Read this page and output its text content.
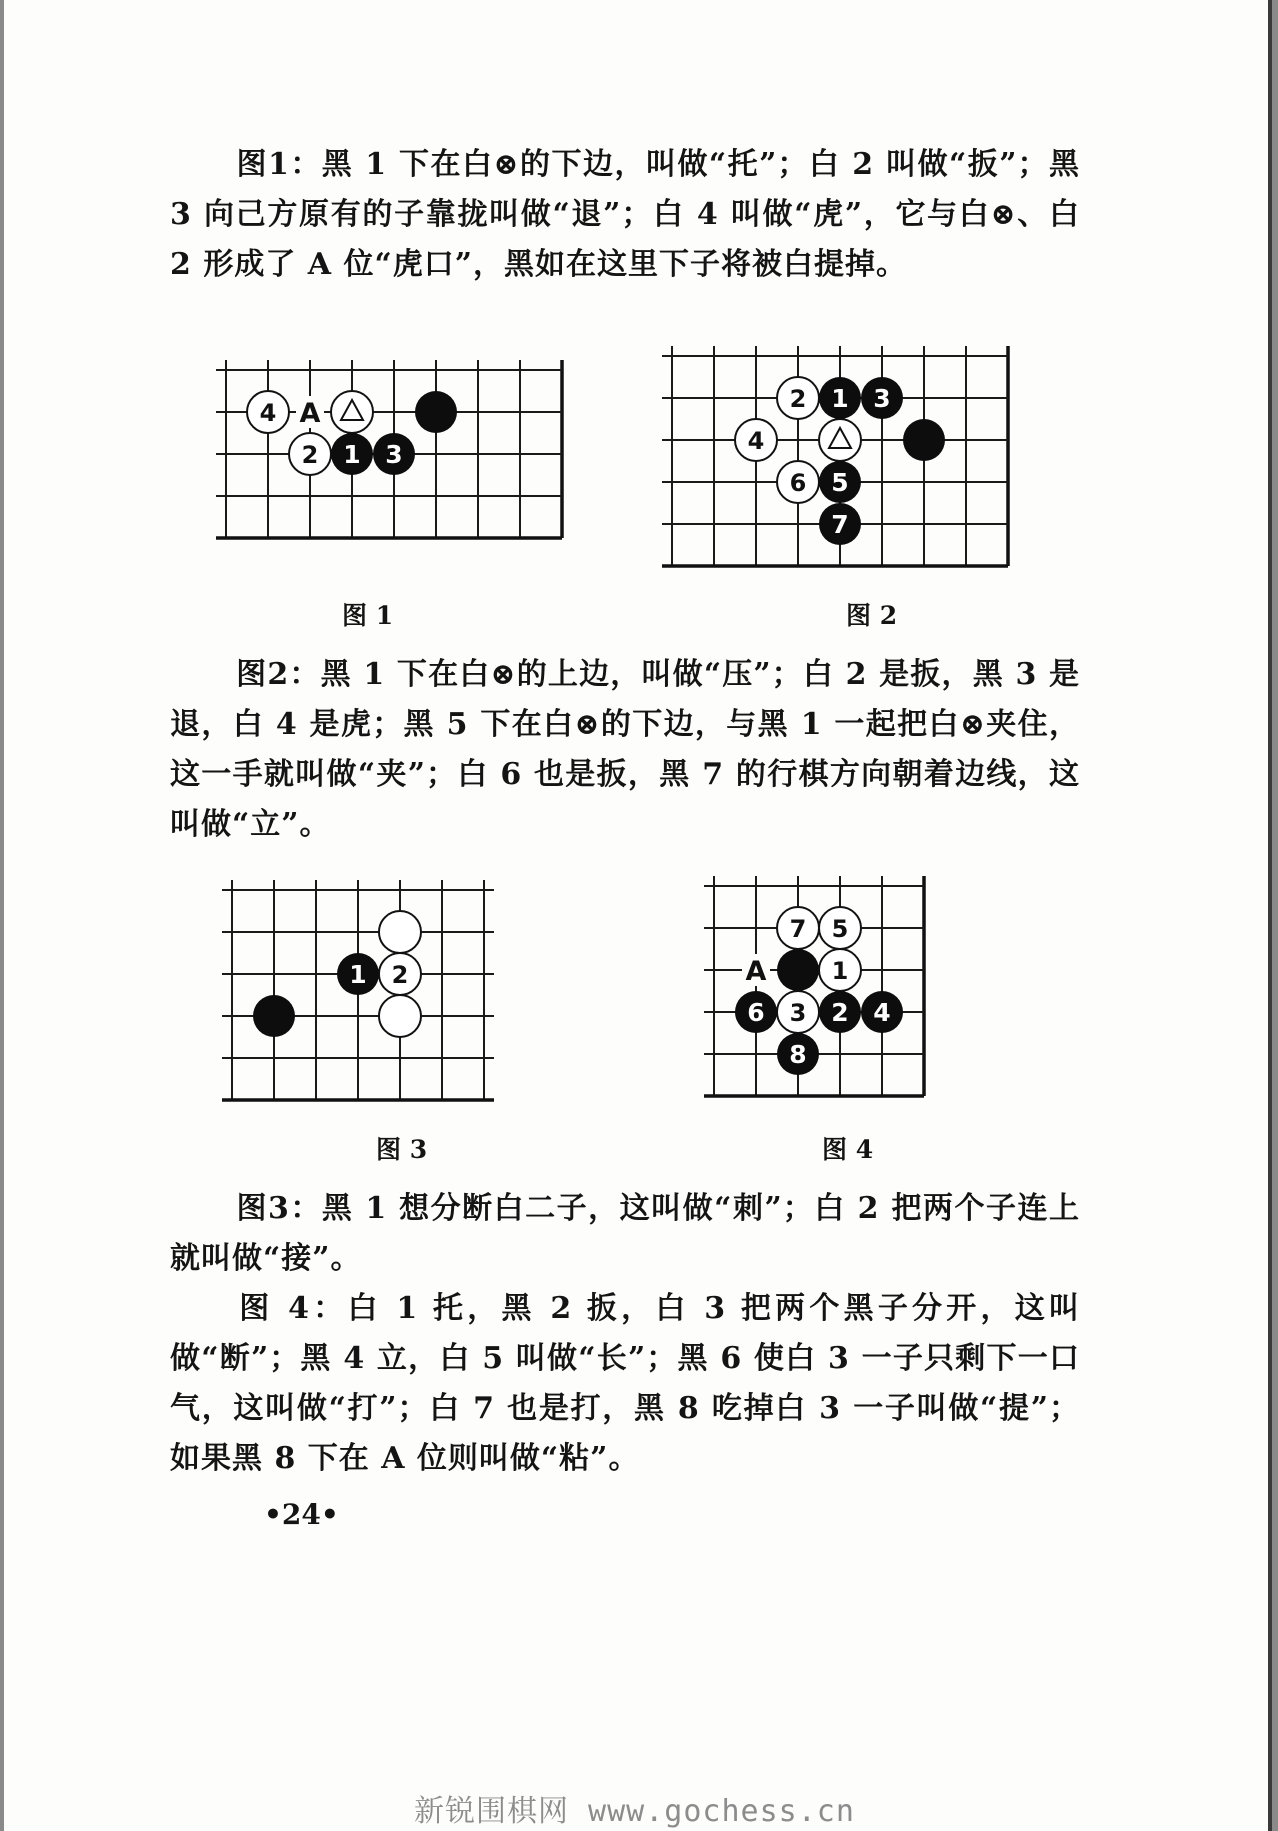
图1：黑 1 下在白⊗的下边，叫做“托”；白 2 叫做“扳”；黑 3 向己方原有的子靠拢叫做“退”；白 4 叫做“虎”，它与白⊗、白 2 形成了 A 位“虎口”，黑如在这里下子将被白提掉。

2 1 3
4 A	1
2	3
4
5
6
7
图 1	图 2

图2：黑 1 下在白⊗的上边，叫做“压”；白 2 是扳，黑 3 是退，白 4 是虎；黑 5 下在白⊗的下边，与黑 1 一起把白⊗夹住，这一手就叫做“夹”；白 6 也是扳，黑 7 的行棋方向朝着边线，这叫做“立”。

1 2	1
2
3	4
5
6
7
8
A
图 3	图 4

图3：黑 1 想分断白二子，这叫做“刺”；白 2 把两个子连上就叫做“接”。

图 4：白 1 托，黑 2 扳，白 3 把两个黑子分开，这叫做“断”；黑 4 立，白 5 叫做“长”；黑 6 使白 3 一子只剩下一口气，这叫做“打”；白 7 也是打，黑 8 吃掉白 3 一子叫做“提”；如果黑 8 下在 A 位则叫做“粘”。

•24•
新锐围棋网 www.gochess.cn
